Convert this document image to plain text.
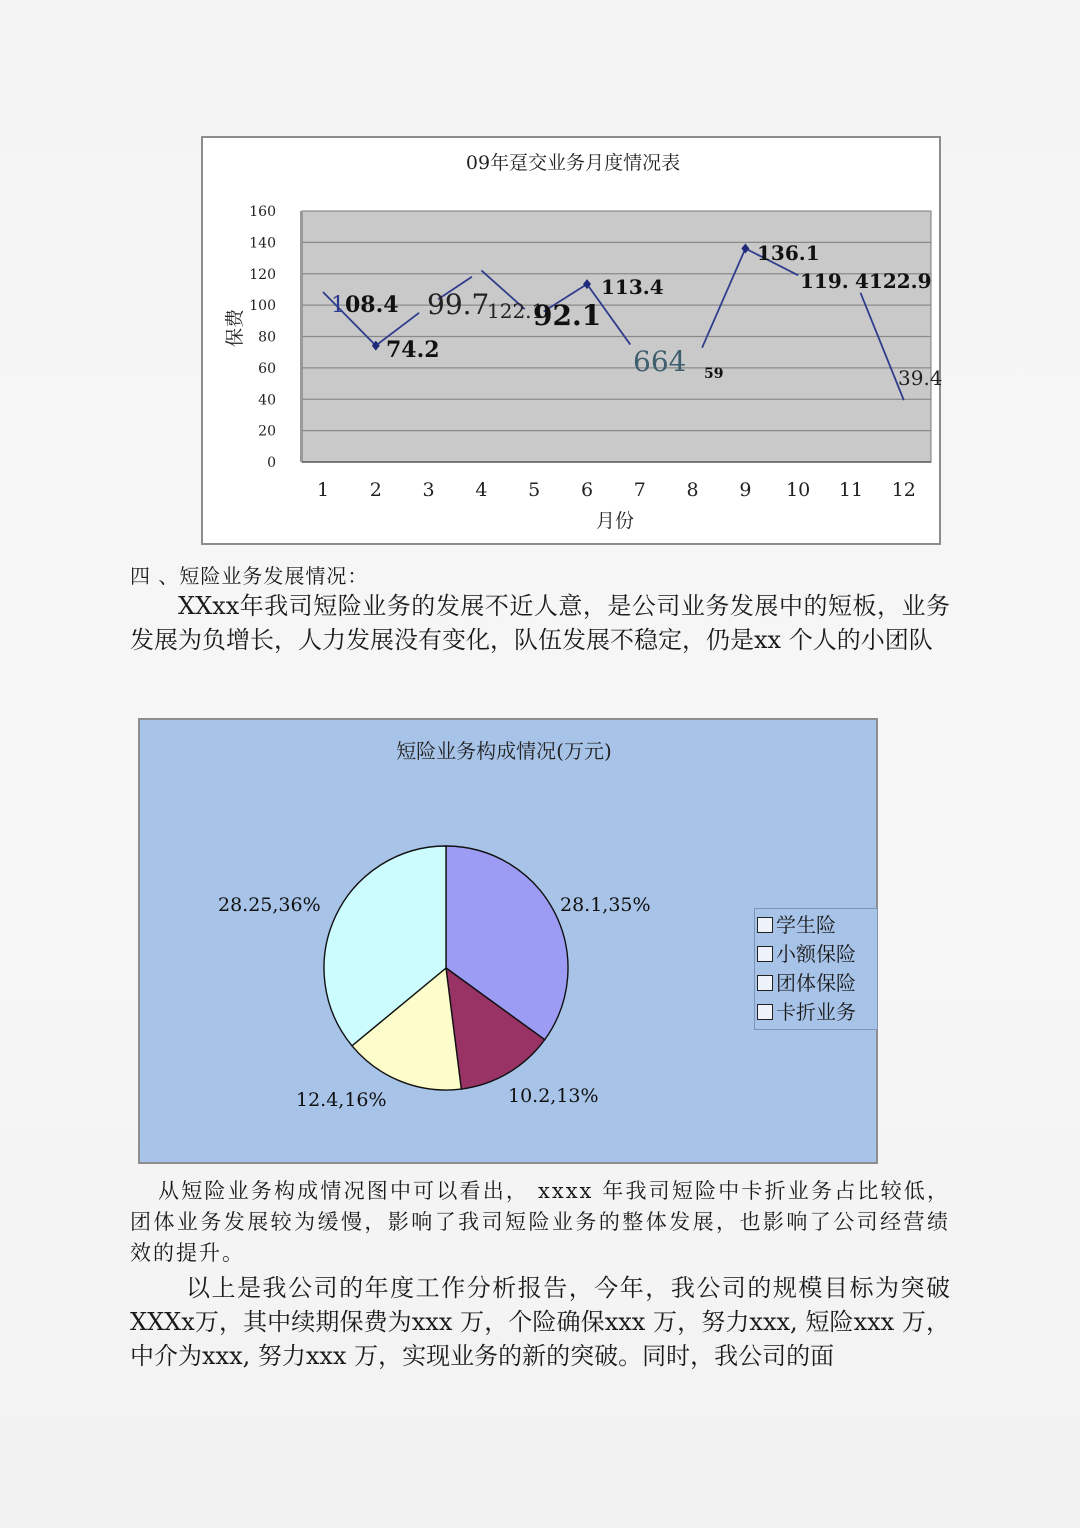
09年趸交业务月度情况表
0
20
40
60
80
100
120
140
160
1 2 3 4 5 6 7 8 9 10 11 12
月份
保费
1 08.4
74.2
99.7
122.1
92.1
113.4
664 59
136.1
119. 4122.9
39.4
四 、短险业务发展情况：

XXxx年我司短险业务的发展不近人意，是公司业务发展中的短板，业务发展为负增长，人力发展没有变化，队伍发展不稳定，仍是xx 个人的小团队

短险业务构成情况(万元)
28.1,35%
10.2,13%
12.4,16%
28.25,36%
学生险
小额保险
团体保险
卡折业务

从短险业务构成情况图中可以看出， xxxx 年我司短险中卡折业务占比较低，团体业务发展较为缓慢，影响了我司短险业务的整体发展，也影响了公司经营绩效的提升。

以上是我公司的年度工作分析报告，今年，我公司的规模目标为突破XXXx万，其中续期保费为xxx 万，个险确保xxx 万，努力xxx, 短险xxx 万，中介为xxx, 努力xxx 万，实现业务的新的突破。同时，我公司的面
